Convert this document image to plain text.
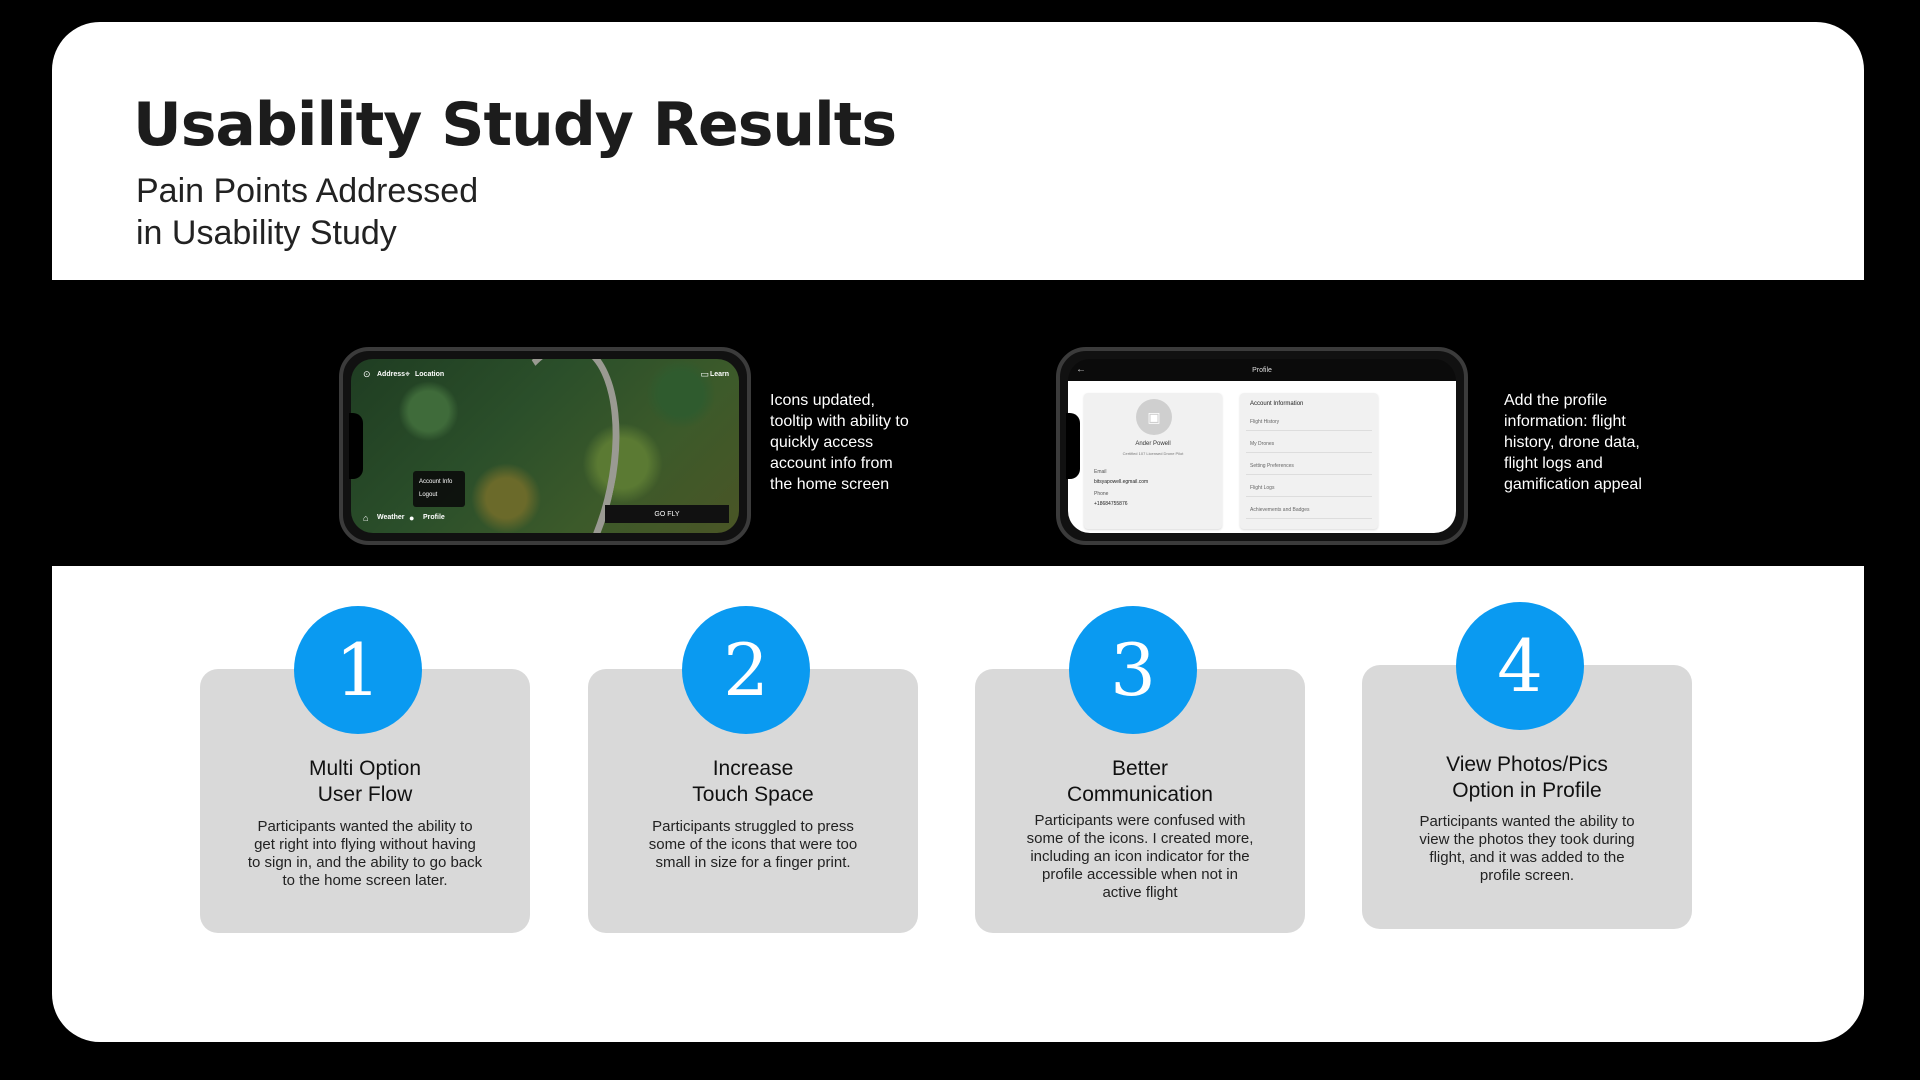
Usability Study Results
Pain Points Addressed
in Usability Study
⊙ Address ⌖ Location	▭ Learn
Account Info
Logout
⌂ Weather ● Profile	GO FLY

Icons updated,
tooltip with ability to
quickly access
account info from
the home screen

←	Profile
▣
Ander Powell
Certified 107 Licensed Drone Pilot
Email
bitsyapowell.egmail.com
Phone
+18684755876
Account Information
Flight History
My Drones
Setting Preferences
Flight Logs
Achievements and Badges

Add the profile
information: flight
history, drone data,
flight logs and
gamification appeal

1
Multi Option
User Flow

Participants wanted the ability to
get right into flying without having
to sign in, and the ability to go back
to the home screen later.

2
Increase
Touch Space

Participants struggled to press
some of the icons that were too
small in size for a finger print.

3
Better
Communication

Participants were confused with
some of the icons. I created more,
including an icon indicator for the
profile accessible when not in
active flight

4
View Photos/Pics
Option in Profile

Participants wanted the ability to
view the photos they took during
flight, and it was added to the
profile screen.
